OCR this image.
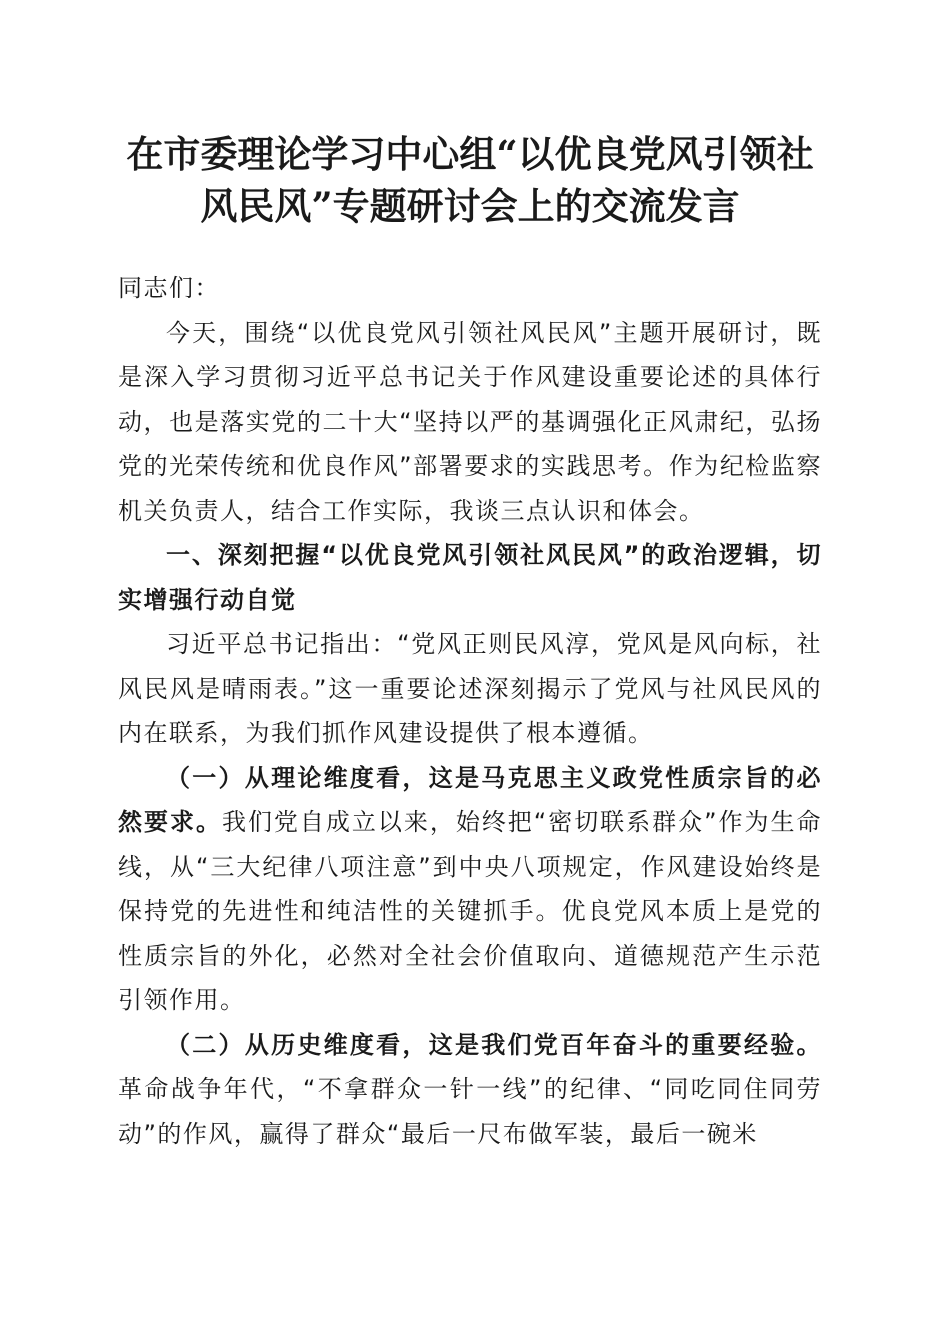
在市委理论学习中心组“以优良党风引领社风民风”专题研讨会上的交流发言

同志们：

今天，围绕“以优良党风引领社风民风”主题开展研讨，既是深入学习贯彻习近平总书记关于作风建设重要论述的具体行动，也是落实党的二十大“坚持以严的基调强化正风肃纪，弘扬党的光荣传统和优良作风”部署要求的实践思考。作为纪检监察机关负责人，结合工作实际，我谈三点认识和体会。

一、深刻把握“以优良党风引领社风民风”的政治逻辑，切实增强行动自觉

习近平总书记指出：“党风正则民风淳，党风是风向标，社风民风是晴雨表。”这一重要论述深刻揭示了党风与社风民风的内在联系，为我们抓作风建设提供了根本遵循。

（一）从理论维度看，这是马克思主义政党性质宗旨的必然要求。我们党自成立以来，始终把“密切联系群众”作为生命线，从“三大纪律八项注意”到中央八项规定，作风建设始终是保持党的先进性和纯洁性的关键抓手。优良党风本质上是党的性质宗旨的外化，必然对全社会价值取向、道德规范产生示范引领作用。

（二）从历史维度看，这是我们党百年奋斗的重要经验。革命战争年代，“不拿群众一针一线”的纪律、“同吃同住同劳动”的作风，赢得了群众“最后一尺布做军装，最后一碗米
